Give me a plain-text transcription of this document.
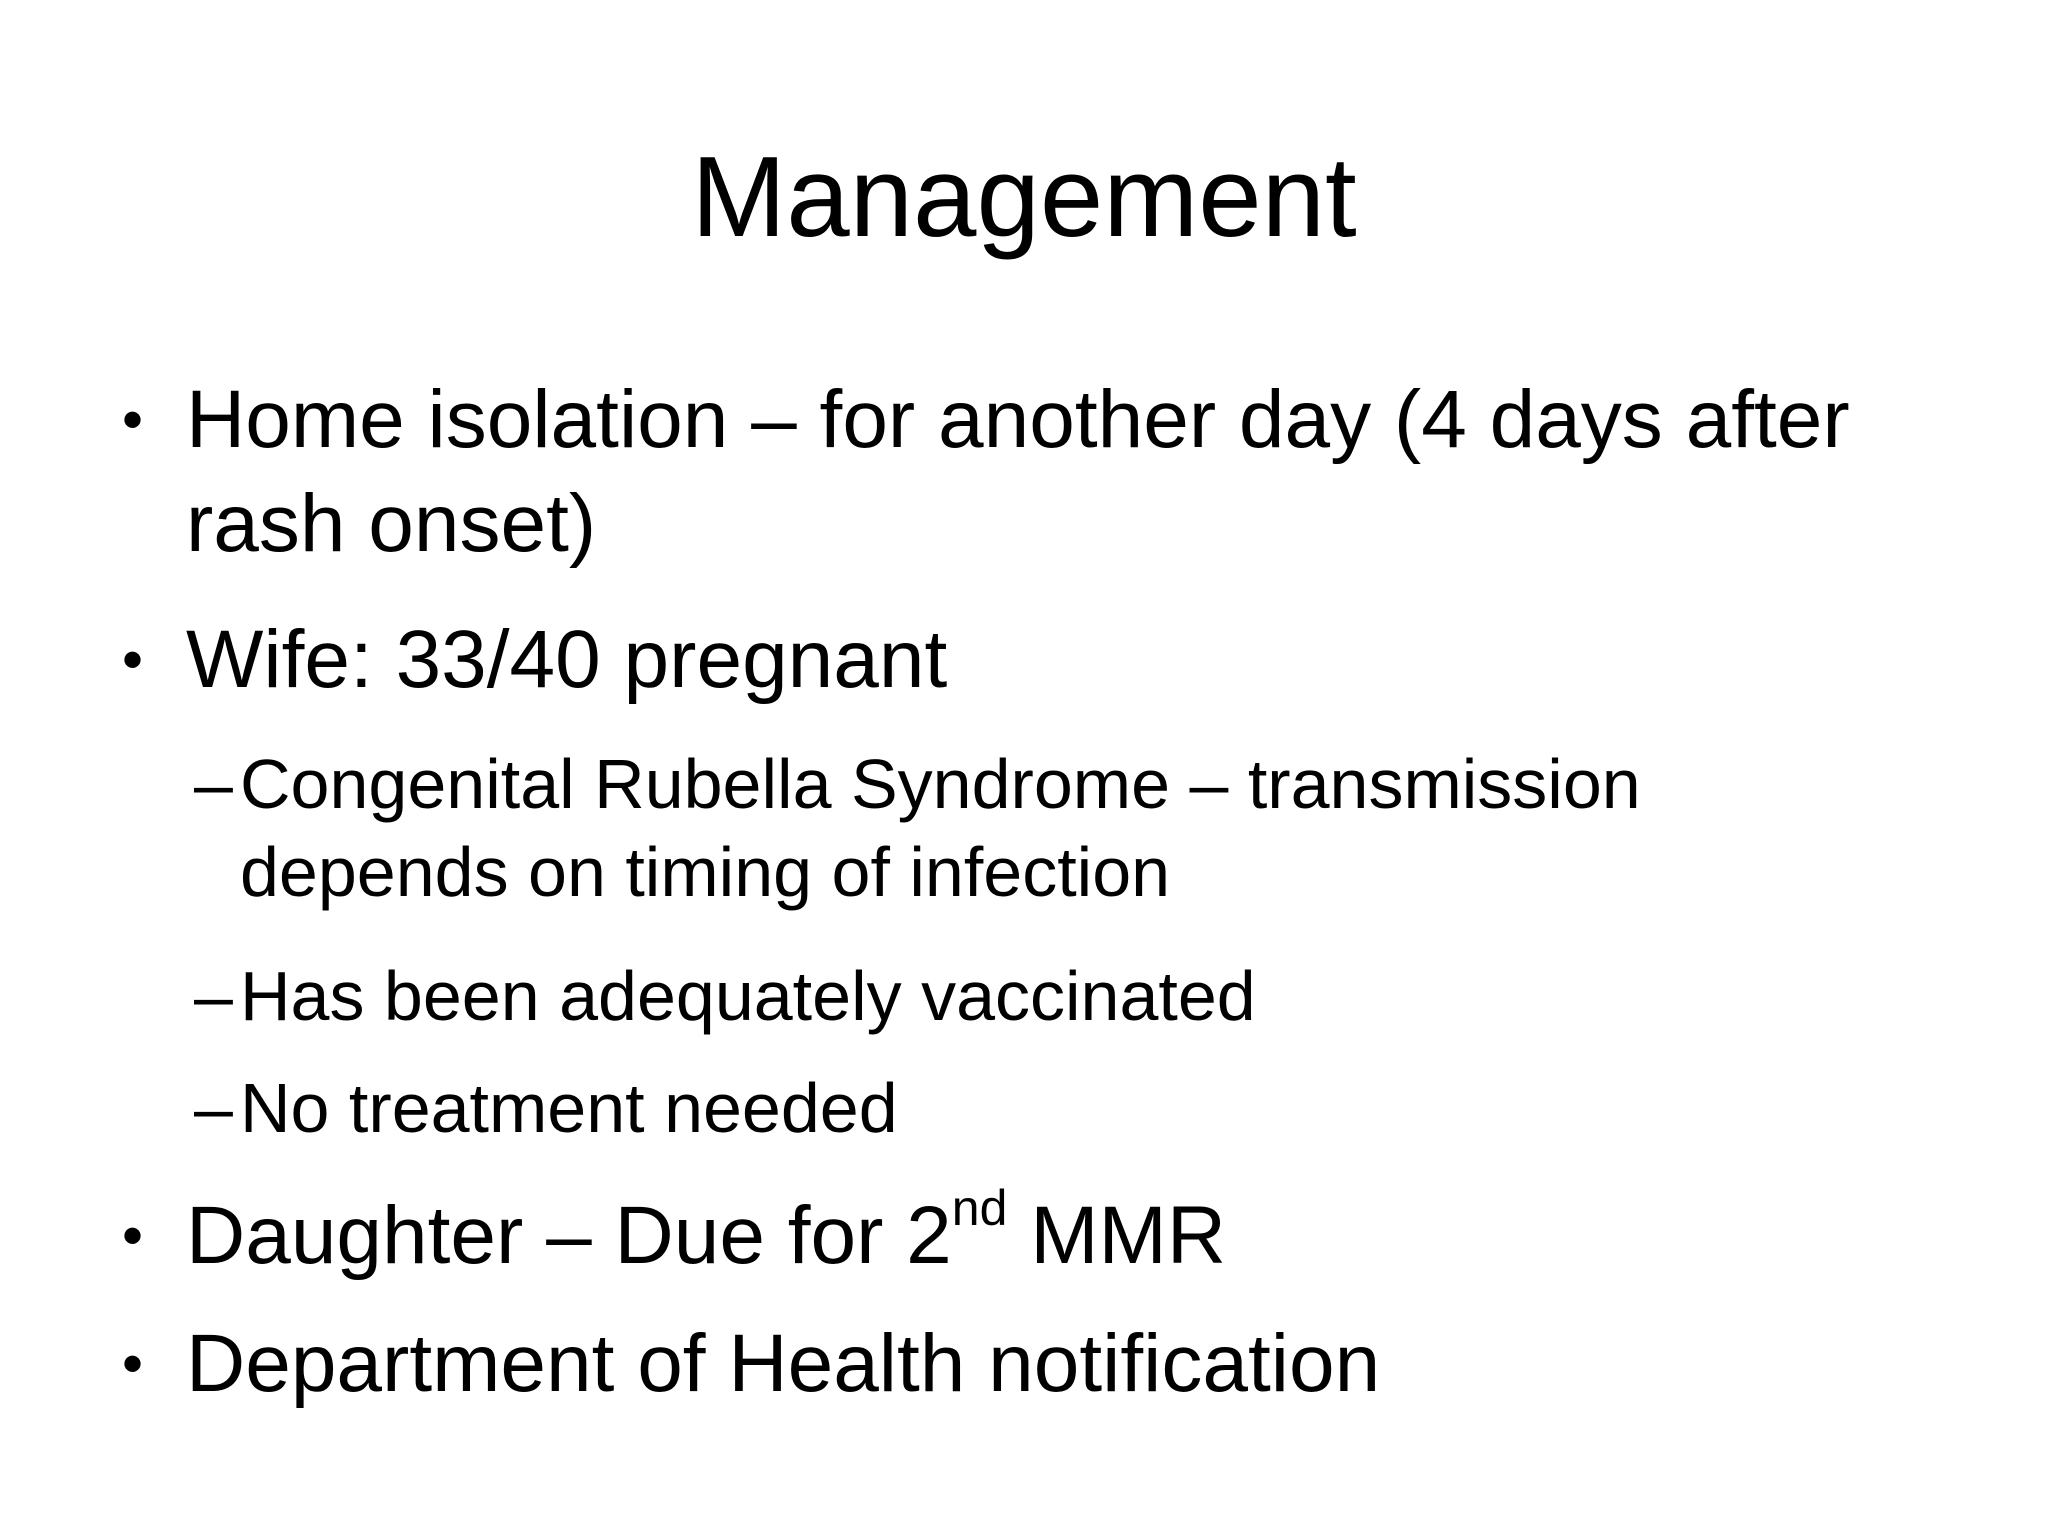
Management
• Home isolation – for another day (4 days after rash onset)
• Wife: 33/40 pregnant
– Congenital Rubella Syndrome – transmission depends on timing of infection
– Has been adequately vaccinated
– No treatment needed
• Daughter – Due for 2nd MMR
• Department of Health notification
